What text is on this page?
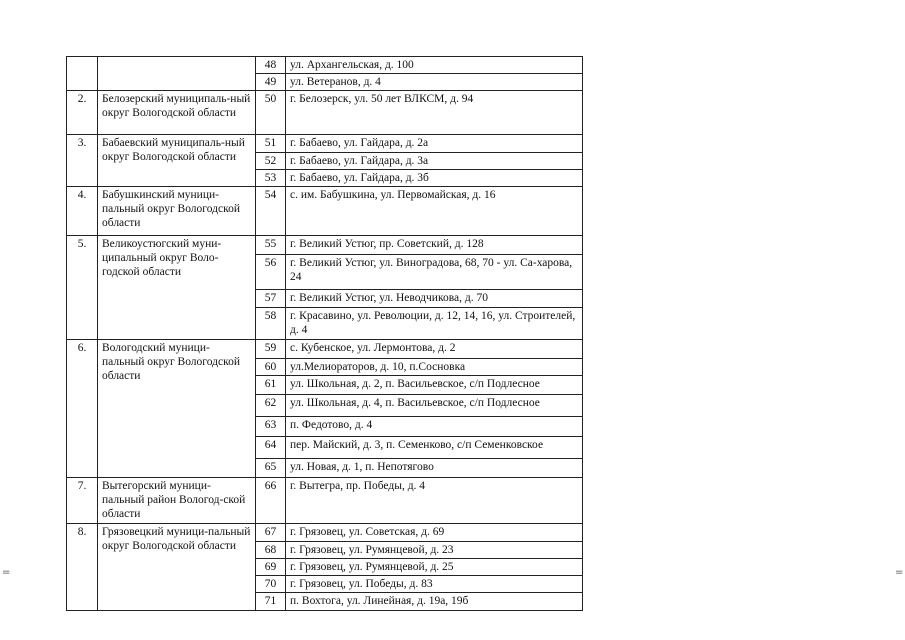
		48	ул. Архангельская, д. 100
		49	ул. Ветеранов, д. 4
2.	Белозерский муниципаль-ный округ Вологодской области	50	г. Белозерск, ул. 50 лет ВЛКСМ, д. 94
3.	Бабаевский муниципаль-ный округ Вологодской области	51	г. Бабаево, ул. Гайдара, д. 2а
		52	г. Бабаево, ул. Гайдара, д. 3а
		53	г. Бабаево, ул. Гайдара, д. 3б
4.	Бабушкинский муници-пальный округ Вологодской области	54	с. им. Бабушкина, ул. Первомайская, д. 16
5.	Великоустюгский муни-ципальный округ Воло-годской области	55	г. Великий Устюг, пр. Советский, д. 128
		56	г. Великий Устюг, ул. Виноградова, 68, 70 - ул. Са-харова, 24
		57	г. Великий Устюг, ул. Неводчикова, д. 70
		58	г. Красавино, ул. Революции, д. 12, 14, 16, ул. Строителей, д. 4
6.	Вологодский муници-пальный округ Вологодской области	59	с. Кубенское, ул. Лермонтова, д. 2
		60	ул.Мелиораторов, д. 10, п.Сосновка
		61	ул. Школьная, д. 2, п. Васильевское, с/п Подлесное
		62	ул. Школьная, д. 4, п. Васильевское, с/п Подлесное
		63	п. Федотово, д. 4
		64	пер. Майский, д. 3, п. Семенково, с/п Семенковское
		65	ул. Новая, д. 1, п. Непотягово
7.	Вытегорский муници-пальный район Вологод-ской области	66	г. Вытегра, пр. Победы, д. 4
8.	Грязовецкий муници-пальный округ Вологодской области	67	г. Грязовец, ул. Советская, д. 69
		68	г. Грязовец, ул. Румянцевой, д. 23
		69	г. Грязовец, ул. Румянцевой, д. 25
		70	г. Грязовец, ул. Победы, д. 83
		71	п. Вохтога, ул. Линейная, д. 19а, 19б
=	=
